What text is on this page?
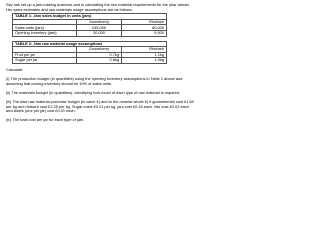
Sky has set up a jam-making business and is calculating the raw material requirements for the year ahead. Her sales estimates and raw materials usage assumptions are as follows:

TABLE 1: Jam sales budget in units (jars)		
	Gooseberry	Rhubarb
Sales units (jars)	245,000	60,000
Opening inventory (jars)	30,000	5,500
TABLE 2: Jam raw material usage assumptions		
	Gooseberry	Rhubarb
Fruit per jar	0.7kg	1.1kg
Sugar per jar	0.6kg	1.0kg

Calculate:

(i) The production budget (in quantities) using the opening inventory assumptions in Table 1 above and assuming that closing inventory should be 10% of sales units.

(ii) The materials budget (in quantities), identifying how much of each type of raw material is required.

(iii) The total raw material purchase budget (in value £) and to the nearest whole £) if gooseberries cost £1.60 per kg and rhubarb cost £2.25 per kg. Sugar costs £0.21 per kg, jars cost £0.15 each, lids cost £0.02 each and labels (one per jar) cost £0.01 each.

(iv) The total cost per jar for each type of jam.
